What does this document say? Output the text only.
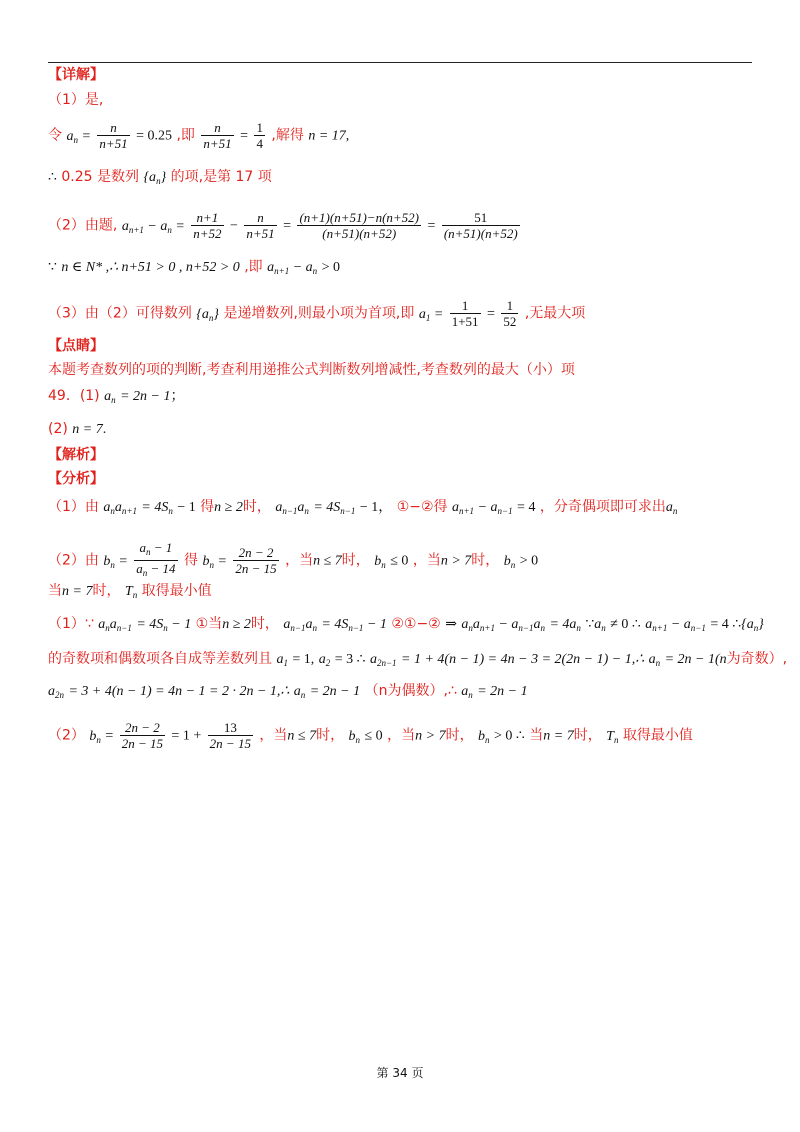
【详解】
（1）是,
令 $a_n = \frac{n}{n+51} = 0.25$ ,即 $\frac{n}{n+51} = \frac{1}{4}$ ,解得 n = 17,
∴ 0.25 是数列 $\{a_n\}$ 的项,是第 17 项
（2）由题, $a_{n+1} - a_n = \frac{n+1}{n+52} - \frac{n}{n+51} = \frac{(n+1)(n+51)-n(n+52)}{(n+51)(n+52)} = \frac{51}{(n+51)(n+52)}$
∵ n ∈ N* ,∴ n+51 > 0 , n+52 > 0 ,即 $a_{n+1} - a_n > 0$
（3）由（2）可得数列 $\{a_n\}$ 是递增数列,则最小项为首项,即 $a_1 = \frac{1}{1+51} = \frac{1}{52}$ ,无最大项
【点睛】
本题考查数列的项的判断,考查利用递推公式判断数列增减性,考查数列的最大（小）项
49．(1) $a_n = 2n - 1$；
(2) n = 7.
【解析】
【分析】
（1）由 $a_na_{n+1} = 4S_n - 1$ 得n ≥ 2时， $a_{n-1}a_n = 4S_{n-1} - 1$， ①−②得 $a_{n+1} - a_{n-1} = 4$ ，分奇偶项即可求出$a_n$
（2）由 $b_n = \frac{a_n - 1}{a_n - 14}$ 得 $b_n = \frac{2n - 2}{2n - 15}$ ，当n ≤ 7时， $b_n \le 0$ ，当n > 7时， $b_n > 0$
当n = 7时， $T_n$ 取得最小值
（1）∵ $a_na_{n-1} = 4S_n - 1$ ①当n ≥ 2时， $a_{n-1}a_n = 4S_{n-1} - 1$ ②①−② ⇒ $a_na_{n+1} - a_{n-1}a_n = 4a_n$ $\because a_n \ne 0$ ∴ $a_{n+1} - a_{n-1} = 4$ $\therefore\{a_n\}$
的奇数项和偶数项各自成等差数列且 $a_1 = 1$, $a_2 = 3$ ∴ $a_{2n-1} = 1 + 4(n - 1) = 4n - 3 = 2(2n - 1)$ − 1,∴ $a_n = 2n - 1(n$为奇数）,
$a_{2n} = 3 + 4(n - 1) = 4n - 1 = 2 \cdot 2n$ − 1,∴ $a_n = 2n - 1$ （n为偶数）,∴ $a_n = 2n - 1$
（2） $b_n = \frac{2n - 2}{2n - 15} = 1 + \frac{13}{2n - 15}$ ，当n ≤ 7时， $b_n \le 0$ ，当n > 7时， $b_n > 0$ ∴ 当n = 7时， $T_n$ 取得最小值
第 34 页
